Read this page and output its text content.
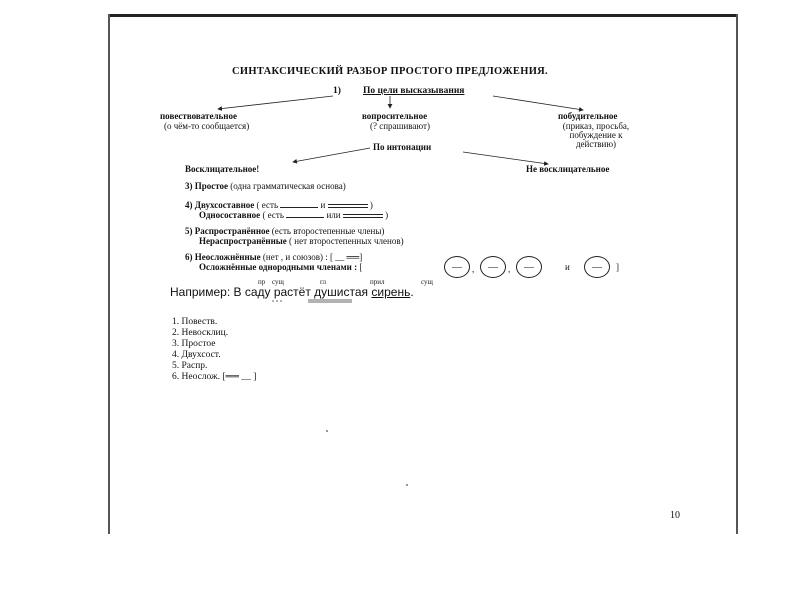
СИНТАКСИЧЕСКИЙ РАЗБОР ПРОСТОГО ПРЕДЛОЖЕНИЯ.
1) По цели высказывания
повествовательное
(о чём-то сообщается)
вопросительное
(? спрашивают)
побудительное
(приказ, просьба,
побуждение к
действию)
По интонации
Восклицательное!	Не восклицательное
3) Простое (одна грамматическая основа)
4) Двухсоставное ( есть	и	)
Односоставное ( есть	или	)
5) Распространённое (есть второстепенные члены)
Нераспространённые ( нет второстепенных членов)
6) Неосложнённые (нет , и союзов) : [ __ ══]
Осложнённые однородными членами : [	—	,	—	,	—	и	—	]
пр сущ	гл	прил	сущ
Например: В саду растёт душистая сирень.
1. Повеств.
2. Невосклиц.
3. Простое
4. Двухсост.
5. Распр.
6. Неослож. [══ __ ]
10
